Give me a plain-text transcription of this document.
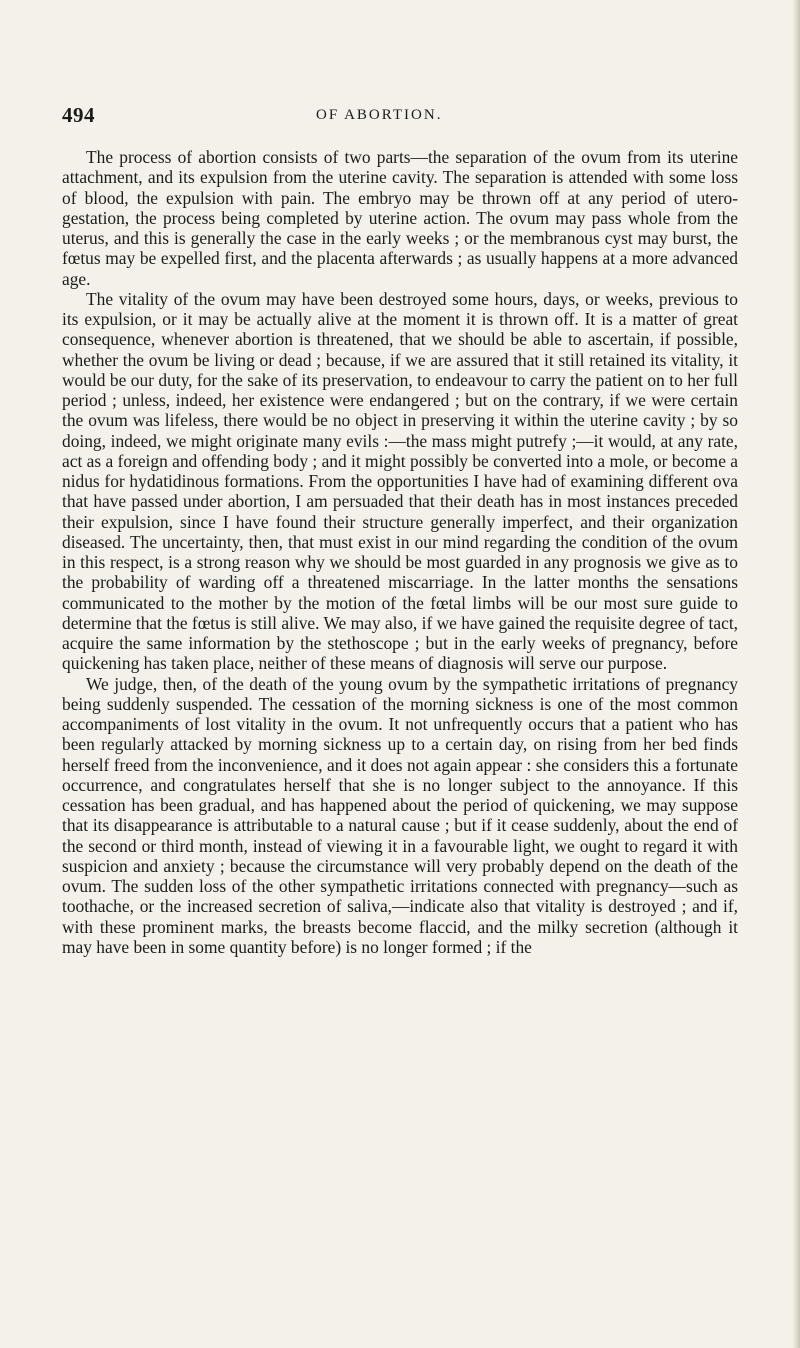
494	OF ABORTION.

The process of abortion consists of two parts—the separation of the ovum from its uterine attachment, and its expulsion from the uterine cavity. The separation is attended with some loss of blood, the expulsion with pain. The embryo may be thrown off at any period of utero-gestation, the process being completed by uterine action. The ovum may pass whole from the uterus, and this is generally the case in the early weeks ; or the membranous cyst may burst, the fœtus may be expelled first, and the placenta afterwards ; as usually happens at a more advanced age.

The vitality of the ovum may have been destroyed some hours, days, or weeks, previous to its expulsion, or it may be actually alive at the moment it is thrown off. It is a matter of great consequence, whenever abortion is threatened, that we should be able to ascertain, if possible, whether the ovum be living or dead ; because, if we are assured that it still retained its vitality, it would be our duty, for the sake of its preservation, to endeavour to carry the patient on to her full period ; unless, indeed, her existence were endangered ; but on the contrary, if we were certain the ovum was lifeless, there would be no object in preserving it within the uterine cavity ; by so doing, indeed, we might originate many evils :—the mass might putrefy ;—it would, at any rate, act as a foreign and offending body ; and it might possibly be converted into a mole, or become a nidus for hydatidinous formations. From the opportunities I have had of examining different ova that have passed under abortion, I am persuaded that their death has in most instances preceded their expulsion, since I have found their structure generally imperfect, and their organization diseased. The uncertainty, then, that must exist in our mind regarding the condition of the ovum in this respect, is a strong reason why we should be most guarded in any prognosis we give as to the probability of warding off a threatened miscarriage. In the latter months the sensations communicated to the mother by the motion of the fœtal limbs will be our most sure guide to determine that the fœtus is still alive. We may also, if we have gained the requisite degree of tact, acquire the same information by the stethoscope ; but in the early weeks of pregnancy, before quickening has taken place, neither of these means of diagnosis will serve our purpose.

We judge, then, of the death of the young ovum by the sympathetic irritations of pregnancy being suddenly suspended. The cessation of the morning sickness is one of the most common accompaniments of lost vitality in the ovum. It not unfrequently occurs that a patient who has been regularly attacked by morning sickness up to a certain day, on rising from her bed finds herself freed from the inconvenience, and it does not again appear : she considers this a fortunate occurrence, and congratulates herself that she is no longer subject to the annoyance. If this cessation has been gradual, and has happened about the period of quickening, we may suppose that its disappearance is attributable to a natural cause ; but if it cease suddenly, about the end of the second or third month, instead of viewing it in a favourable light, we ought to regard it with suspicion and anxiety ; because the circumstance will very probably depend on the death of the ovum. The sudden loss of the other sympathetic irritations connected with pregnancy—such as toothache, or the increased secretion of saliva,—indicate also that vitality is destroyed ; and if, with these prominent marks, the breasts become flaccid, and the milky secretion (although it may have been in some quantity before) is no longer formed ; if the
